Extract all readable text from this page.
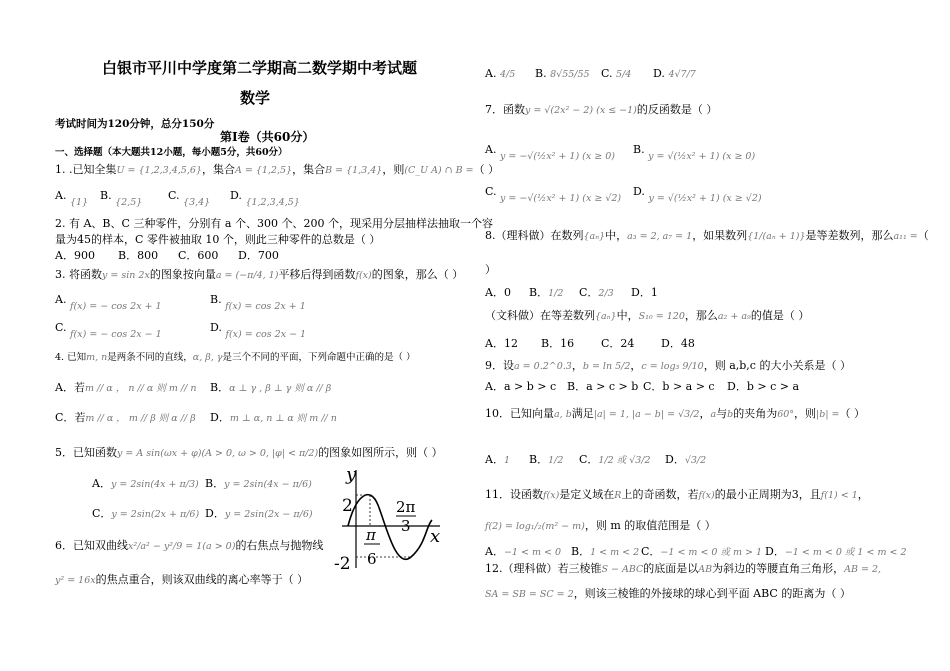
白银市平川中学度第二学期高二数学期中考试题
数学
考试时间为120分钟，总分150分
第Ⅰ卷（共60分）
一、选择题（本大题共12小题，每小题5分，共60分）
1. .已知全集U = {1,2,3,4,5,6}，集合A = {1,2,5}，集合B = {1,3,4}，则(C_U A) ∩ B =（ ）
A. {1}
B. {2,5}
C. {3,4}
D. {1,2,3,4,5}
2. 有 A、B、C 三种零件，分别有 a 个、300 个、200 个，现采用分层抽样法抽取一个容
量为45的样本，C 零件被抽取 10 个，则此三种零件的总数是（ ）
A．900 B．800 C．600 D．700
3. 将函数y = sin 2x的图象按向量a = (−π/4, 1)平移后得到函数f(x)的图象，那么（ ）
A. f(x) = − cos 2x + 1
B. f(x) = cos 2x + 1
C. f(x) = − cos 2x − 1
D. f(x) = cos 2x − 1
4. 已知m, n是两条不同的直线，α, β, γ是三个不同的平面，下列命题中正确的是（ ）
A．若m // α ， n // α 则 m // n B．α ⊥ γ , β ⊥ γ 则 α // β
C．若m // α ， m // β 则 α // β D．m ⊥ α, n ⊥ α 则 m // n
5．已知函数y = A sin(ωx + φ)(A > 0, ω > 0, |φ| < π/2)的图象如图所示，则（ ）
A．y = 2sin(4x + π/3) B．y = 2sin(4x − π/6)
C．y = 2sin(2x + π/6) D．y = 2sin(2x − π/6)
6．已知双曲线x²/a² − y²/9 = 1(a > 0)的右焦点与抛物线
y² = 16x的焦点重合，则该双曲线的离心率等于（ ）
y
x
2
-2
π
6
2π
3
A. 4/5 B. 8√55/55 C. 5/4 D. 4√7/7
7．函数y = √(2x² − 2) (x ≤ −1)的反函数是（ ）
A. y = −√(½x² + 1) (x ≥ 0)
B. y = √(½x² + 1) (x ≥ 0)
C. y = −√(½x² + 1) (x ≥ √2)
D. y = √(½x² + 1) (x ≥ √2)
8.（理科做）在数列{aₙ}中，a₃ = 2, a₇ = 1，如果数列{1/(aₙ + 1)}是等差数列，那么a₁₁ =（
）
A．0 B．1/2 C．2/3 D．1
（文科做）在等差数列{aₙ}中，S₁₀ = 120，那么a₂ + a₉的值是（ ）
A．12 B．16 C．24 D．48
9．设a = 0.2^0.3，b = ln 5/2，c = log₃ 9/10，则 a,b,c 的大小关系是（ ）
A．a > b > c B．a > c > b C．b > a > c D．b > c > a
10．已知向量a, b满足|a| = 1, |a − b| = √3/2，a与b的夹角为60°，则|b| =（ ）
A．1 B．1/2 C．1/2 或 √3/2 D．√3/2
11．设函数f(x)是定义域在R上的奇函数，若f(x)的最小正周期为3，且f(1) < 1，
f(2) = log₁/₂(m² − m)，则 m 的取值范围是（ ）
A．−1 < m < 0 B．1 < m < 2 C．−1 < m < 0 或 m > 1 D．−1 < m < 0 或 1 < m < 2
12.（理科做）若三棱锥S − ABC的底面是以AB为斜边的等腰直角三角形，AB = 2,
SA = SB = SC = 2，则该三棱锥的外接球的球心到平面 ABC 的距离为（ ）
